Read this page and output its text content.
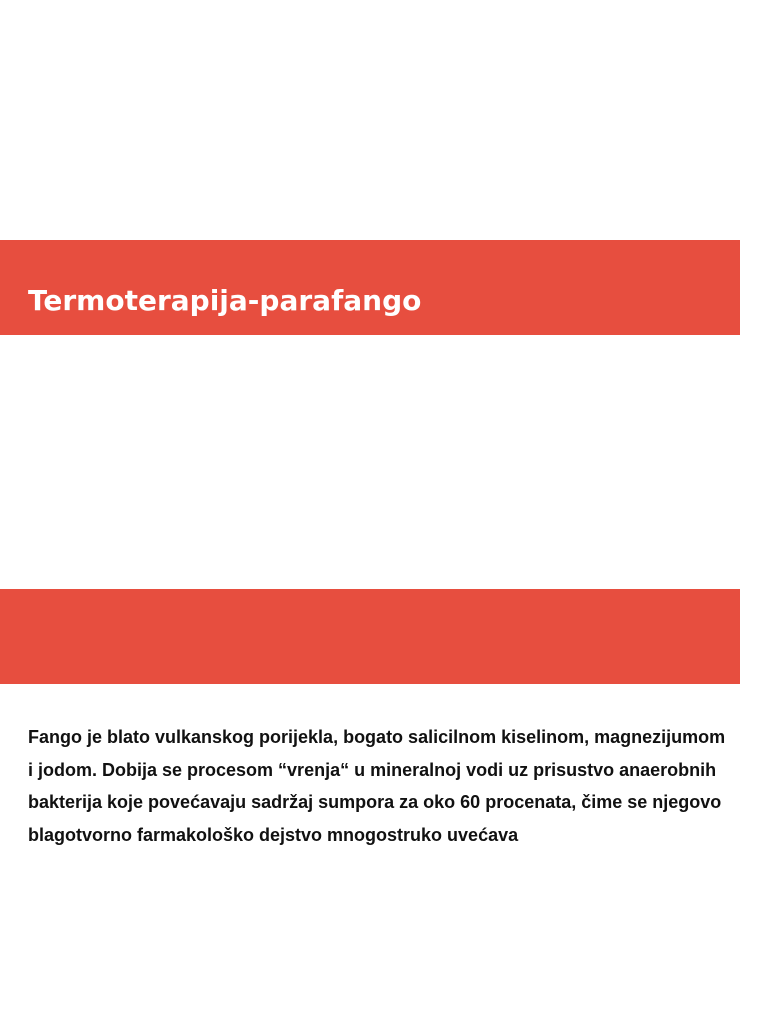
Termoterapija-parafango

Fango je blato vulkanskog porijekla, bogato salicilnom kiselinom, magnezijumom i jodom. Dobija se procesom “vrenja“ u mineralnoj vodi uz prisustvo anaerobnih bakterija koje povećavaju sadržaj sumpora za oko 60 procenata, čime se njegovo blagotvorno farmakološko dejstvo mnogostruko uvećava
